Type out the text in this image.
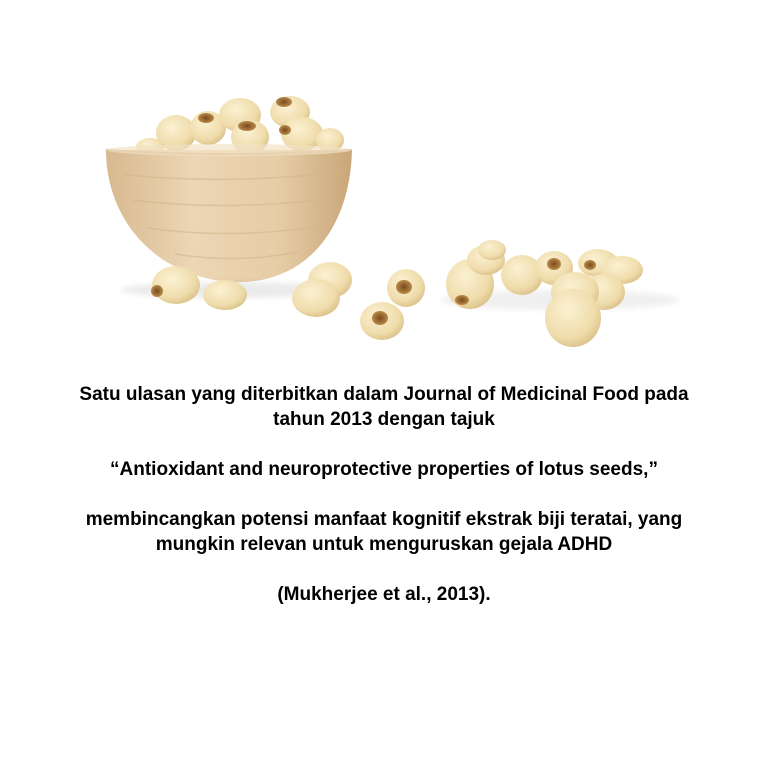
Satu ulasan yang diterbitkan dalam Journal of Medicinal Food pada tahun 2013 dengan tajuk

“Antioxidant and neuroprotective properties of lotus seeds,”

membincangkan potensi manfaat kognitif ekstrak biji teratai, yang mungkin relevan untuk menguruskan gejala ADHD

(Mukherjee et al., 2013).
